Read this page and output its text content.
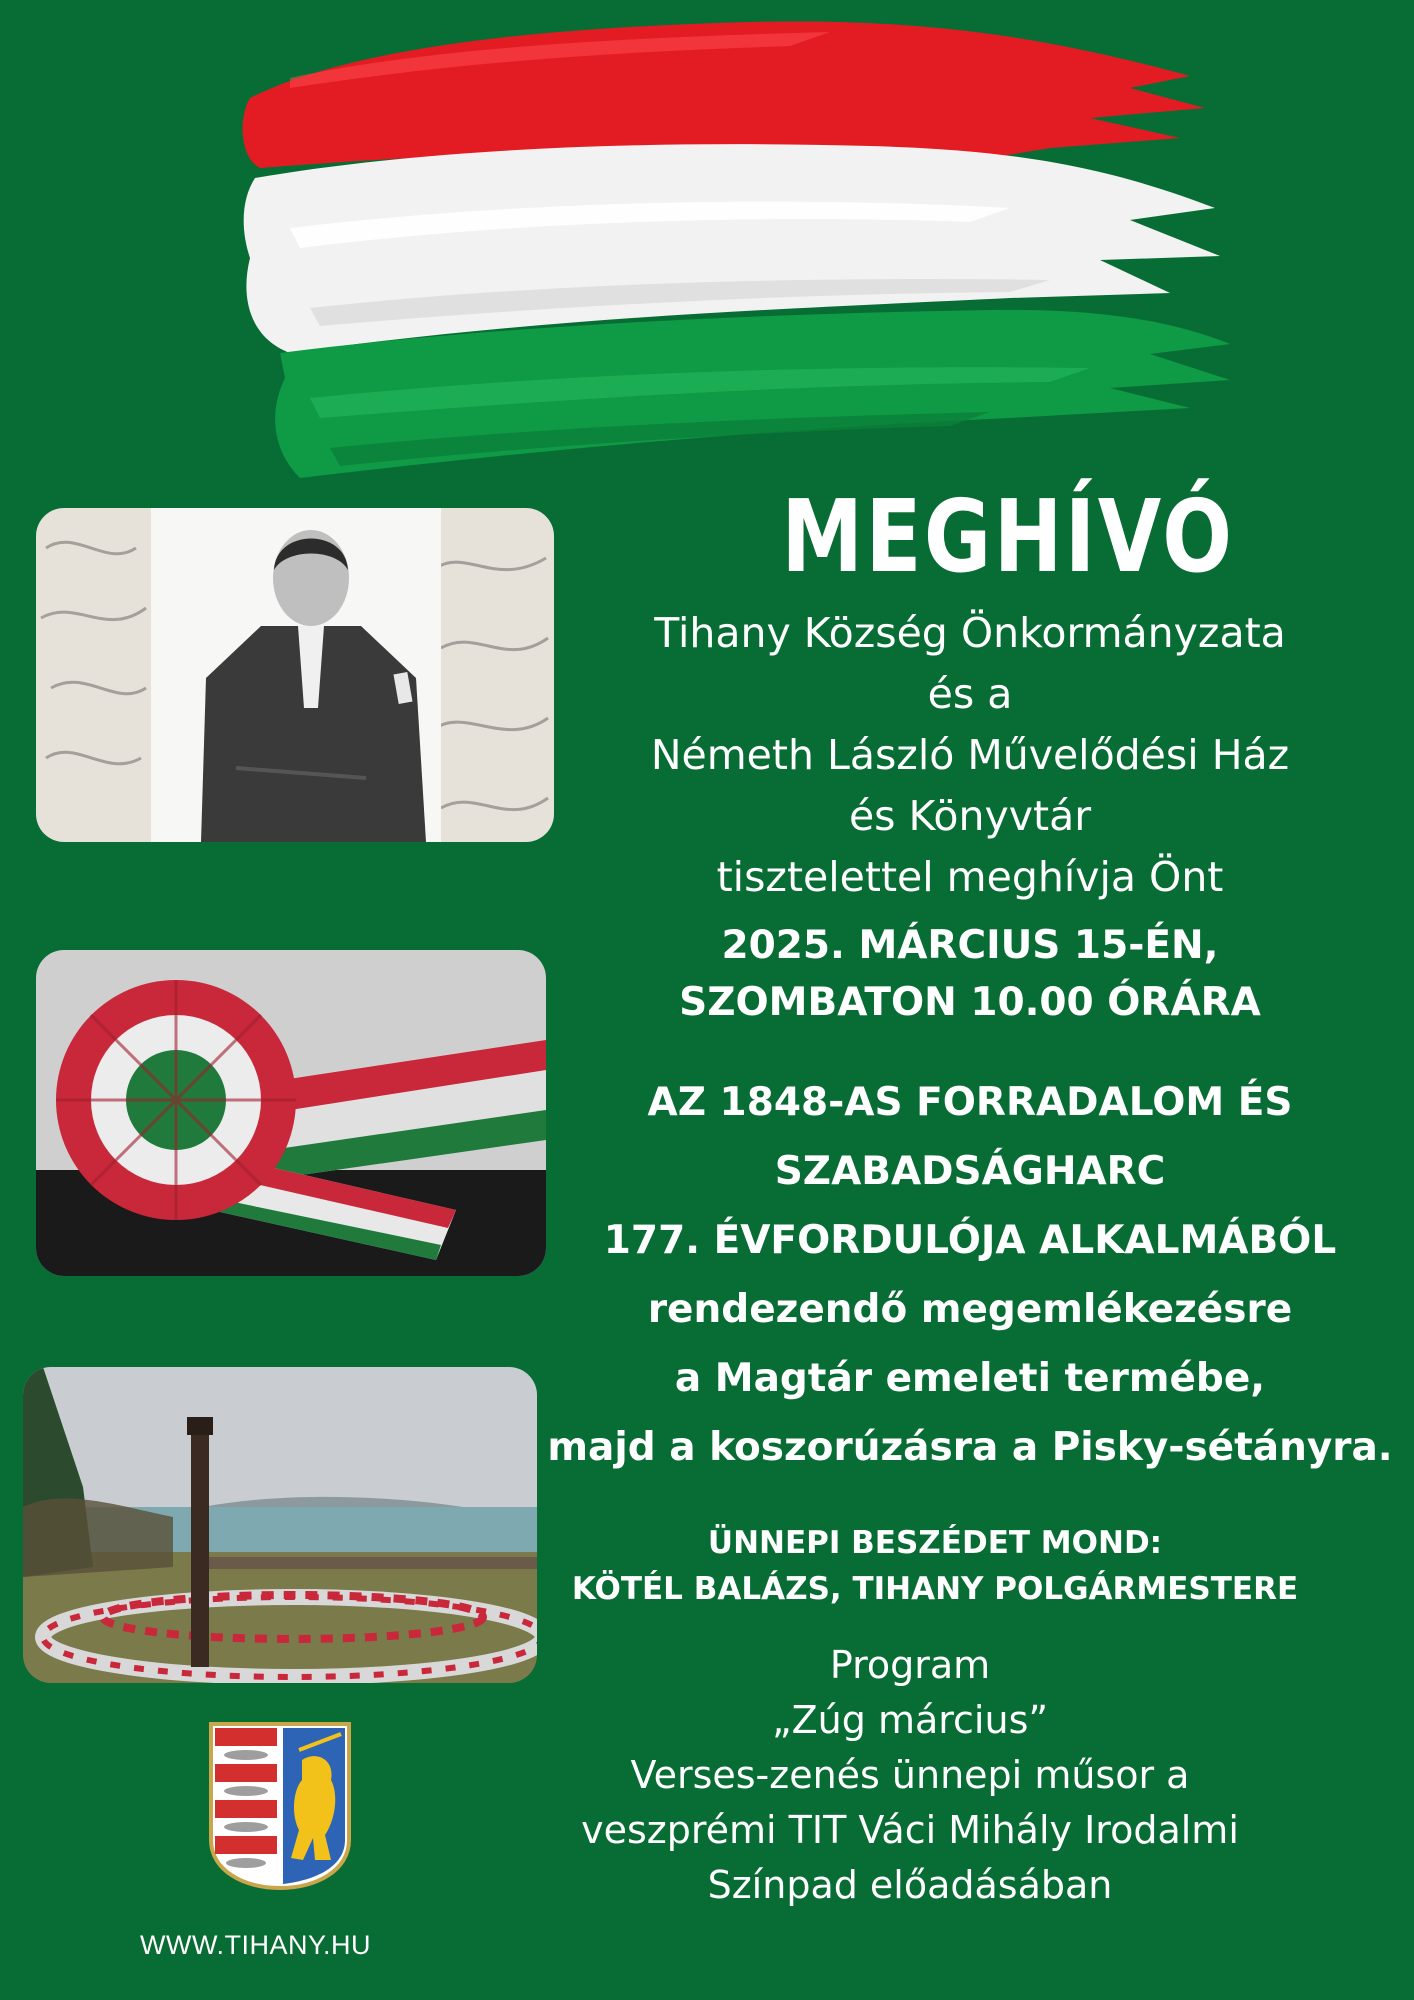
WWW.TIHANY.HU
MEGHÍVÓ
Tihany Község Önkormányzata
és a
Németh László Művelődési Ház
és Könyvtár
tisztelettel meghívja Önt
2025. MÁRCIUS 15-ÉN,
SZOMBATON 10.00 ÓRÁRA
AZ 1848-AS FORRADALOM ÉS
SZABADSÁGHARC
177. ÉVFORDULÓJA ALKALMÁBÓL
rendezendő megemlékezésre
a Magtár emeleti termébe,
majd a koszorúzásra a Pisky-sétányra.
ÜNNEPI BESZÉDET MOND:
KÖTÉL BALÁZS, TIHANY POLGÁRMESTERE
Program
„Zúg március”
Verses-zenés ünnepi műsor a
veszprémi TIT Váci Mihály Irodalmi
Színpad előadásában
